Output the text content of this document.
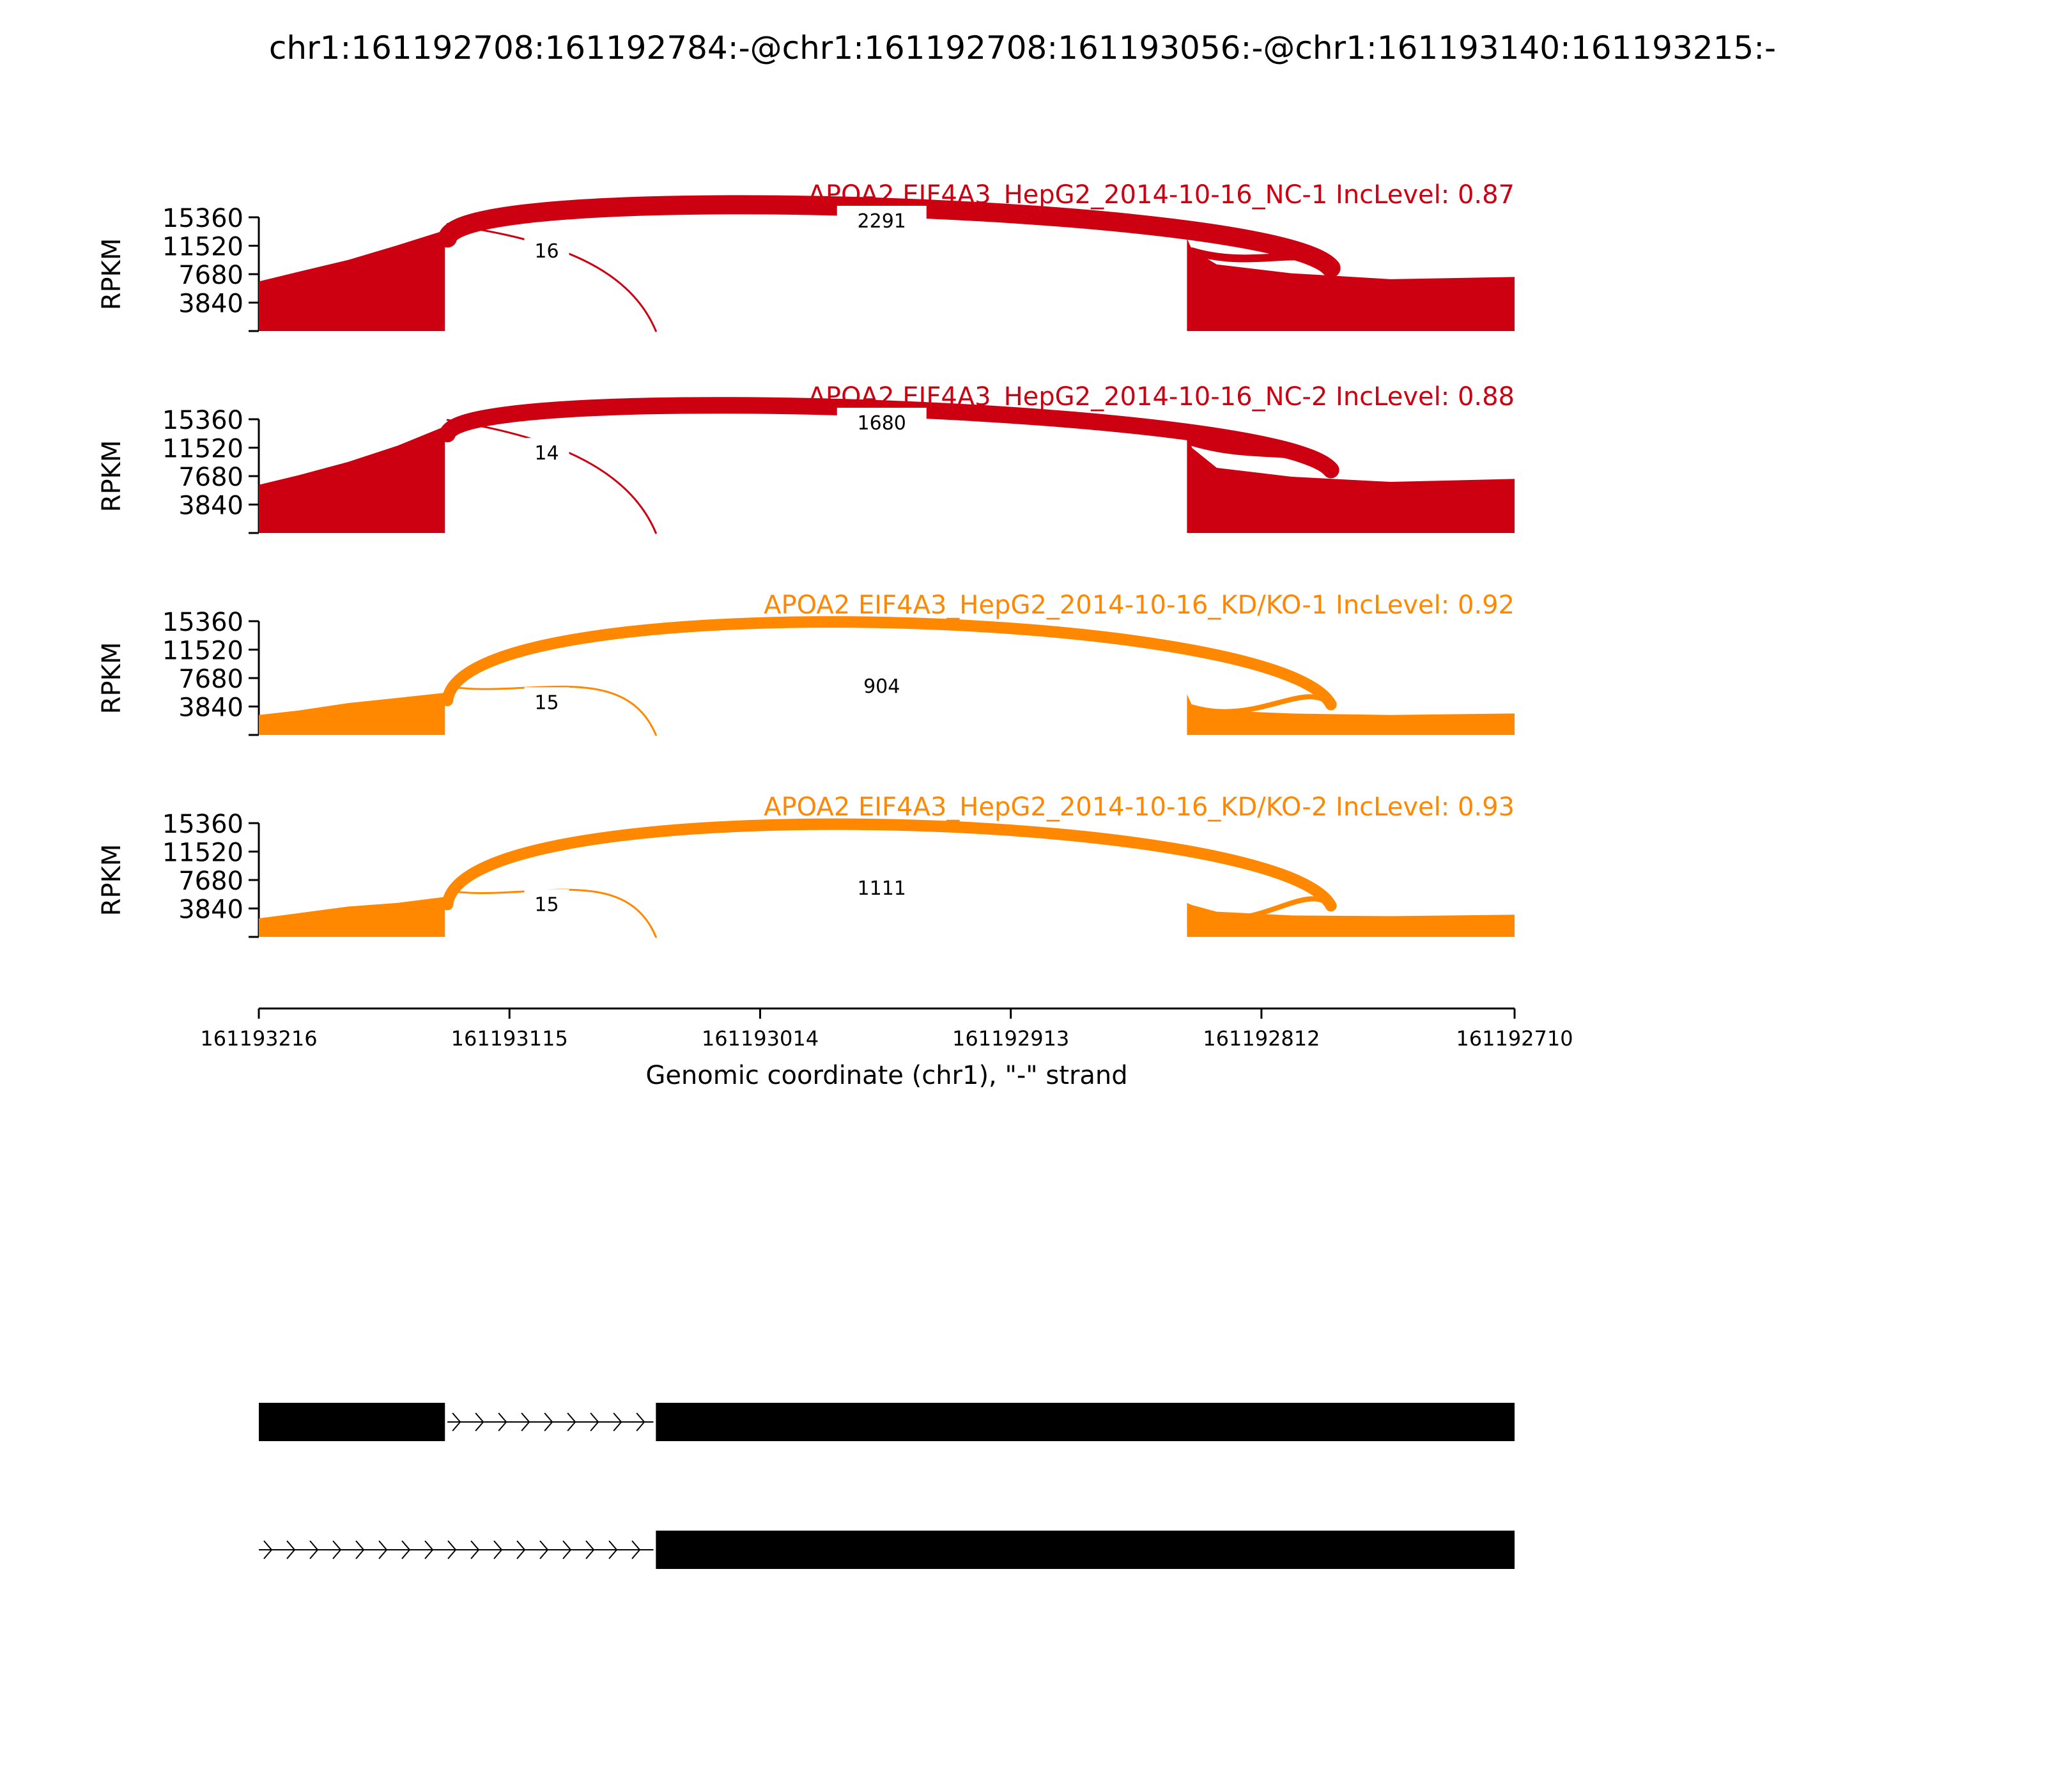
chr1:161192708:161192784:-@chr1:161192708:161193056:-@chr1:161193140:161193215:-
3840
7680
11520
15360
RPKM	16
2291
APOA2 EIF4A3_HepG2_2014-10-16_NC-1 IncLevel: 0.87
3840
7680
11520
15360
RPKM	14
1680
APOA2 EIF4A3_HepG2_2014-10-16_NC-2 IncLevel: 0.88
3840
7680
11520
15360
RPKM	15
904
APOA2 EIF4A3_HepG2_2014-10-16_KD/KO-1 IncLevel: 0.92
3840
7680
11520
15360
RPKM	15
1111
APOA2 EIF4A3_HepG2_2014-10-16_KD/KO-2 IncLevel: 0.93
161193216	161193115	161193014	161192913	161192812	161192710
Genomic coordinate (chr1), "-" strand
